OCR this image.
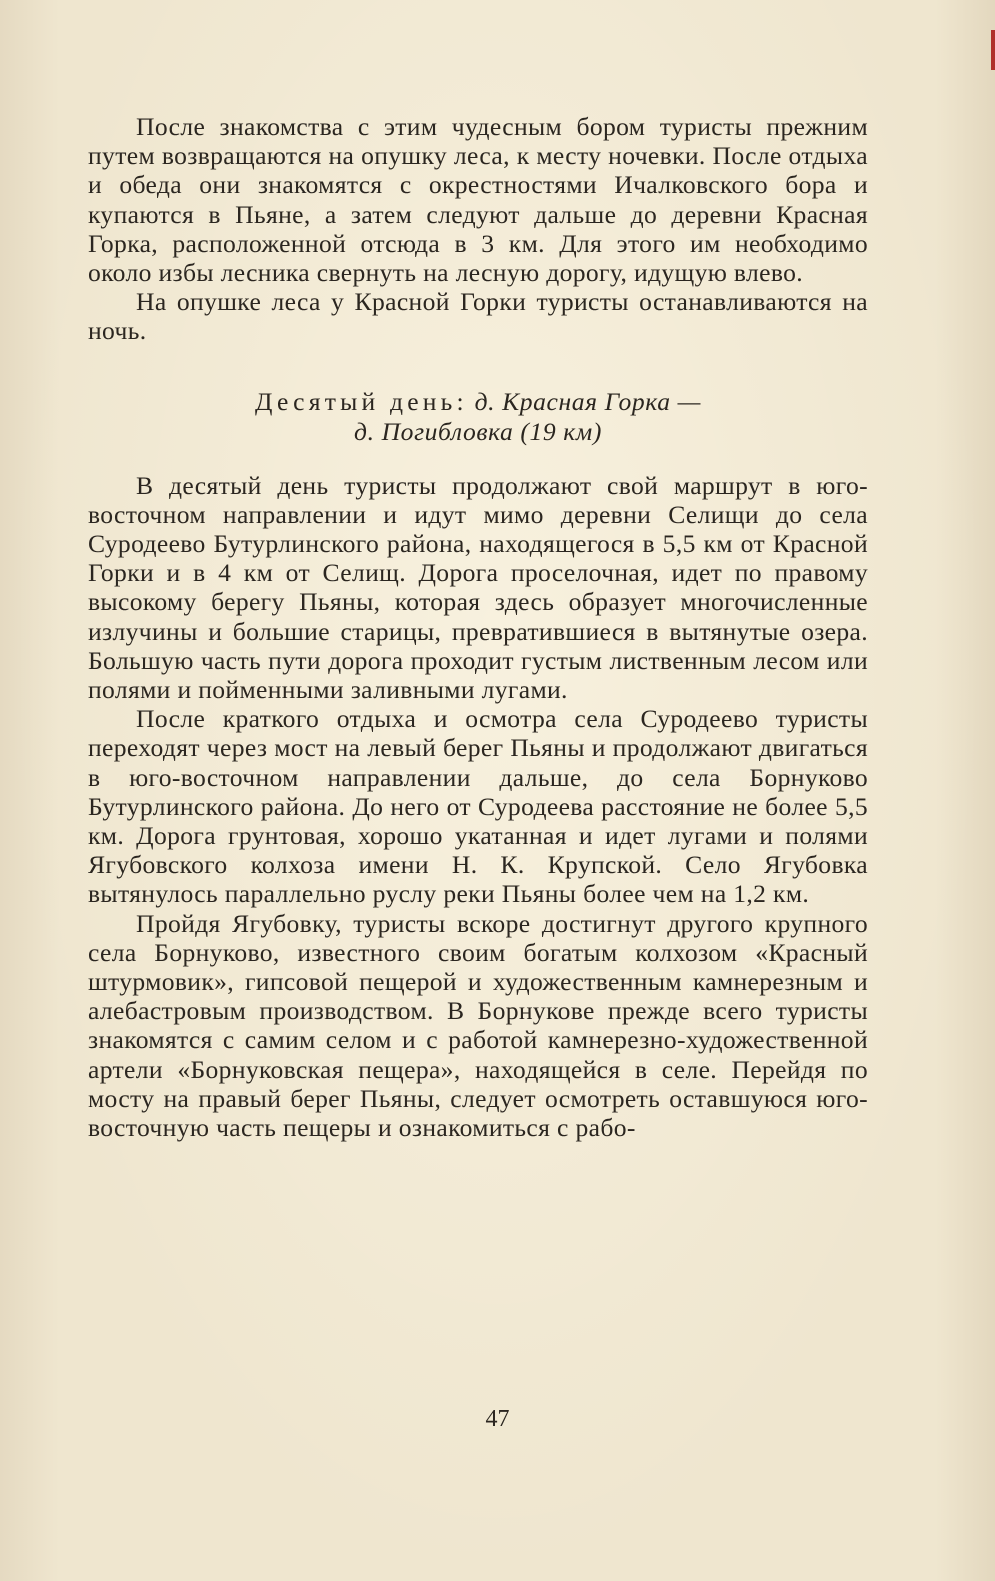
После знакомства с этим чудесным бором туристы прежним путем возвращаются на опушку леса, к месту ночевки. После отдыха и обеда они знакомятся с окрестностями Ичалковского бора и купаются в Пьяне, а затем следуют дальше до деревни Красная Горка, расположенной отсюда в 3 км. Для этого им необходимо около избы лесника свернуть на лесную дорогу, идущую влево.

На опушке леса у Красной Горки туристы останавливаются на ночь.

Десятый день: д. Красная Горка —
д. Погибловка (19 км)

В десятый день туристы продолжают свой маршрут в юго-восточном направлении и идут мимо деревни Селищи до села Суродеево Бутурлинского района, находящегося в 5,5 км от Красной Горки и в 4 км от Селищ. Дорога проселочная, идет по правому высокому берегу Пьяны, которая здесь образует многочисленные излучины и большие старицы, превратившиеся в вытянутые озера. Большую часть пути дорога проходит густым лиственным лесом или полями и пойменными заливными лугами.

После краткого отдыха и осмотра села Суродеево туристы переходят через мост на левый берег Пьяны и продолжают двигаться в юго-восточном направлении дальше, до села Борнуково Бутурлинского района. До него от Суродеева расстояние не более 5,5 км. Дорога грунтовая, хорошо укатанная и идет лугами и полями Ягубовского колхоза имени Н. К. Крупской. Село Ягубовка вытянулось параллельно руслу реки Пьяны более чем на 1,2 км.

Пройдя Ягубовку, туристы вскоре достигнут другого крупного села Борнуково, известного своим богатым колхозом «Красный штурмовик», гипсовой пещерой и художественным камнерезным и алебастровым производством. В Борнукове прежде всего туристы знакомятся с самим селом и с работой камнерезно-художественной артели «Борнуковская пещера», находящейся в селе. Перейдя по мосту на правый берег Пьяны, следует осмотреть оставшуюся юго-восточную часть пещеры и ознакомиться с рабо-

47
